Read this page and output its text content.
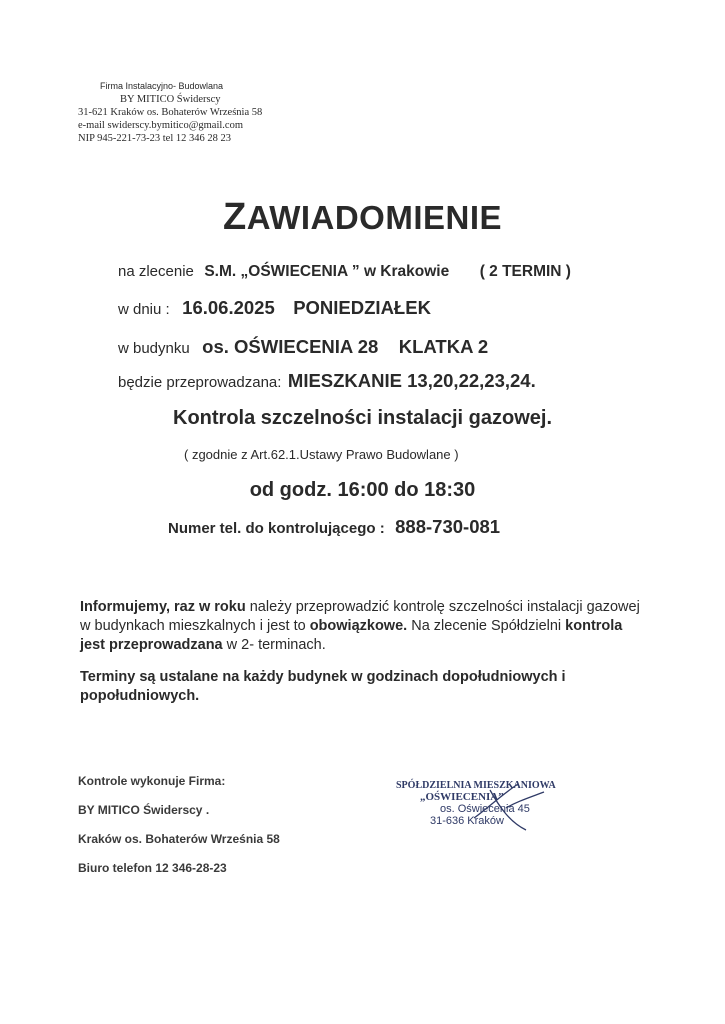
Firma Instalacyjno- Budowlana
BY MITICO Świderscy
31-621 Kraków os. Bohaterów Września 58
e-mail swiderscy.bymitico@gmail.com
NIP 945-221-73-23 tel 12 346 28 23
ZAWIADOMIENIE
na zlecenie S.M. „OŚWIECENIA ” w Krakowie ( 2 TERMIN )
w dniu : 16.06.2025 PONIEDZIAŁEK
w budynku os. OŚWIECENIA 28 KLATKA 2
będzie przeprowadzana: MIESZKANIE 13,20,22,23,24.
Kontrola szczelności instalacji gazowej.
( zgodnie z Art.62.1.Ustawy Prawo Budowlane )
od godz. 16:00 do 18:30
Numer tel. do kontrolującego : 888-730-081
Informujemy, raz w roku należy przeprowadzić kontrolę szczelności instalacji gazowej w budynkach mieszkalnych i jest to obowiązkowe. Na zlecenie Spółdzielni kontrola jest przeprowadzana w 2- terminach.
Terminy są ustalane na każdy budynek w godzinach dopołudniowych i popołudniowych.
Kontrole wykonuje Firma:
BY MITICO Świderscy .
Kraków os. Bohaterów Września 58
Biuro telefon 12 346-28-23
SPÓŁDZIELNIA MIESZKANIOWA
„OŚWIECENIA”
os. Oświecenia 45
31-636 Kraków
